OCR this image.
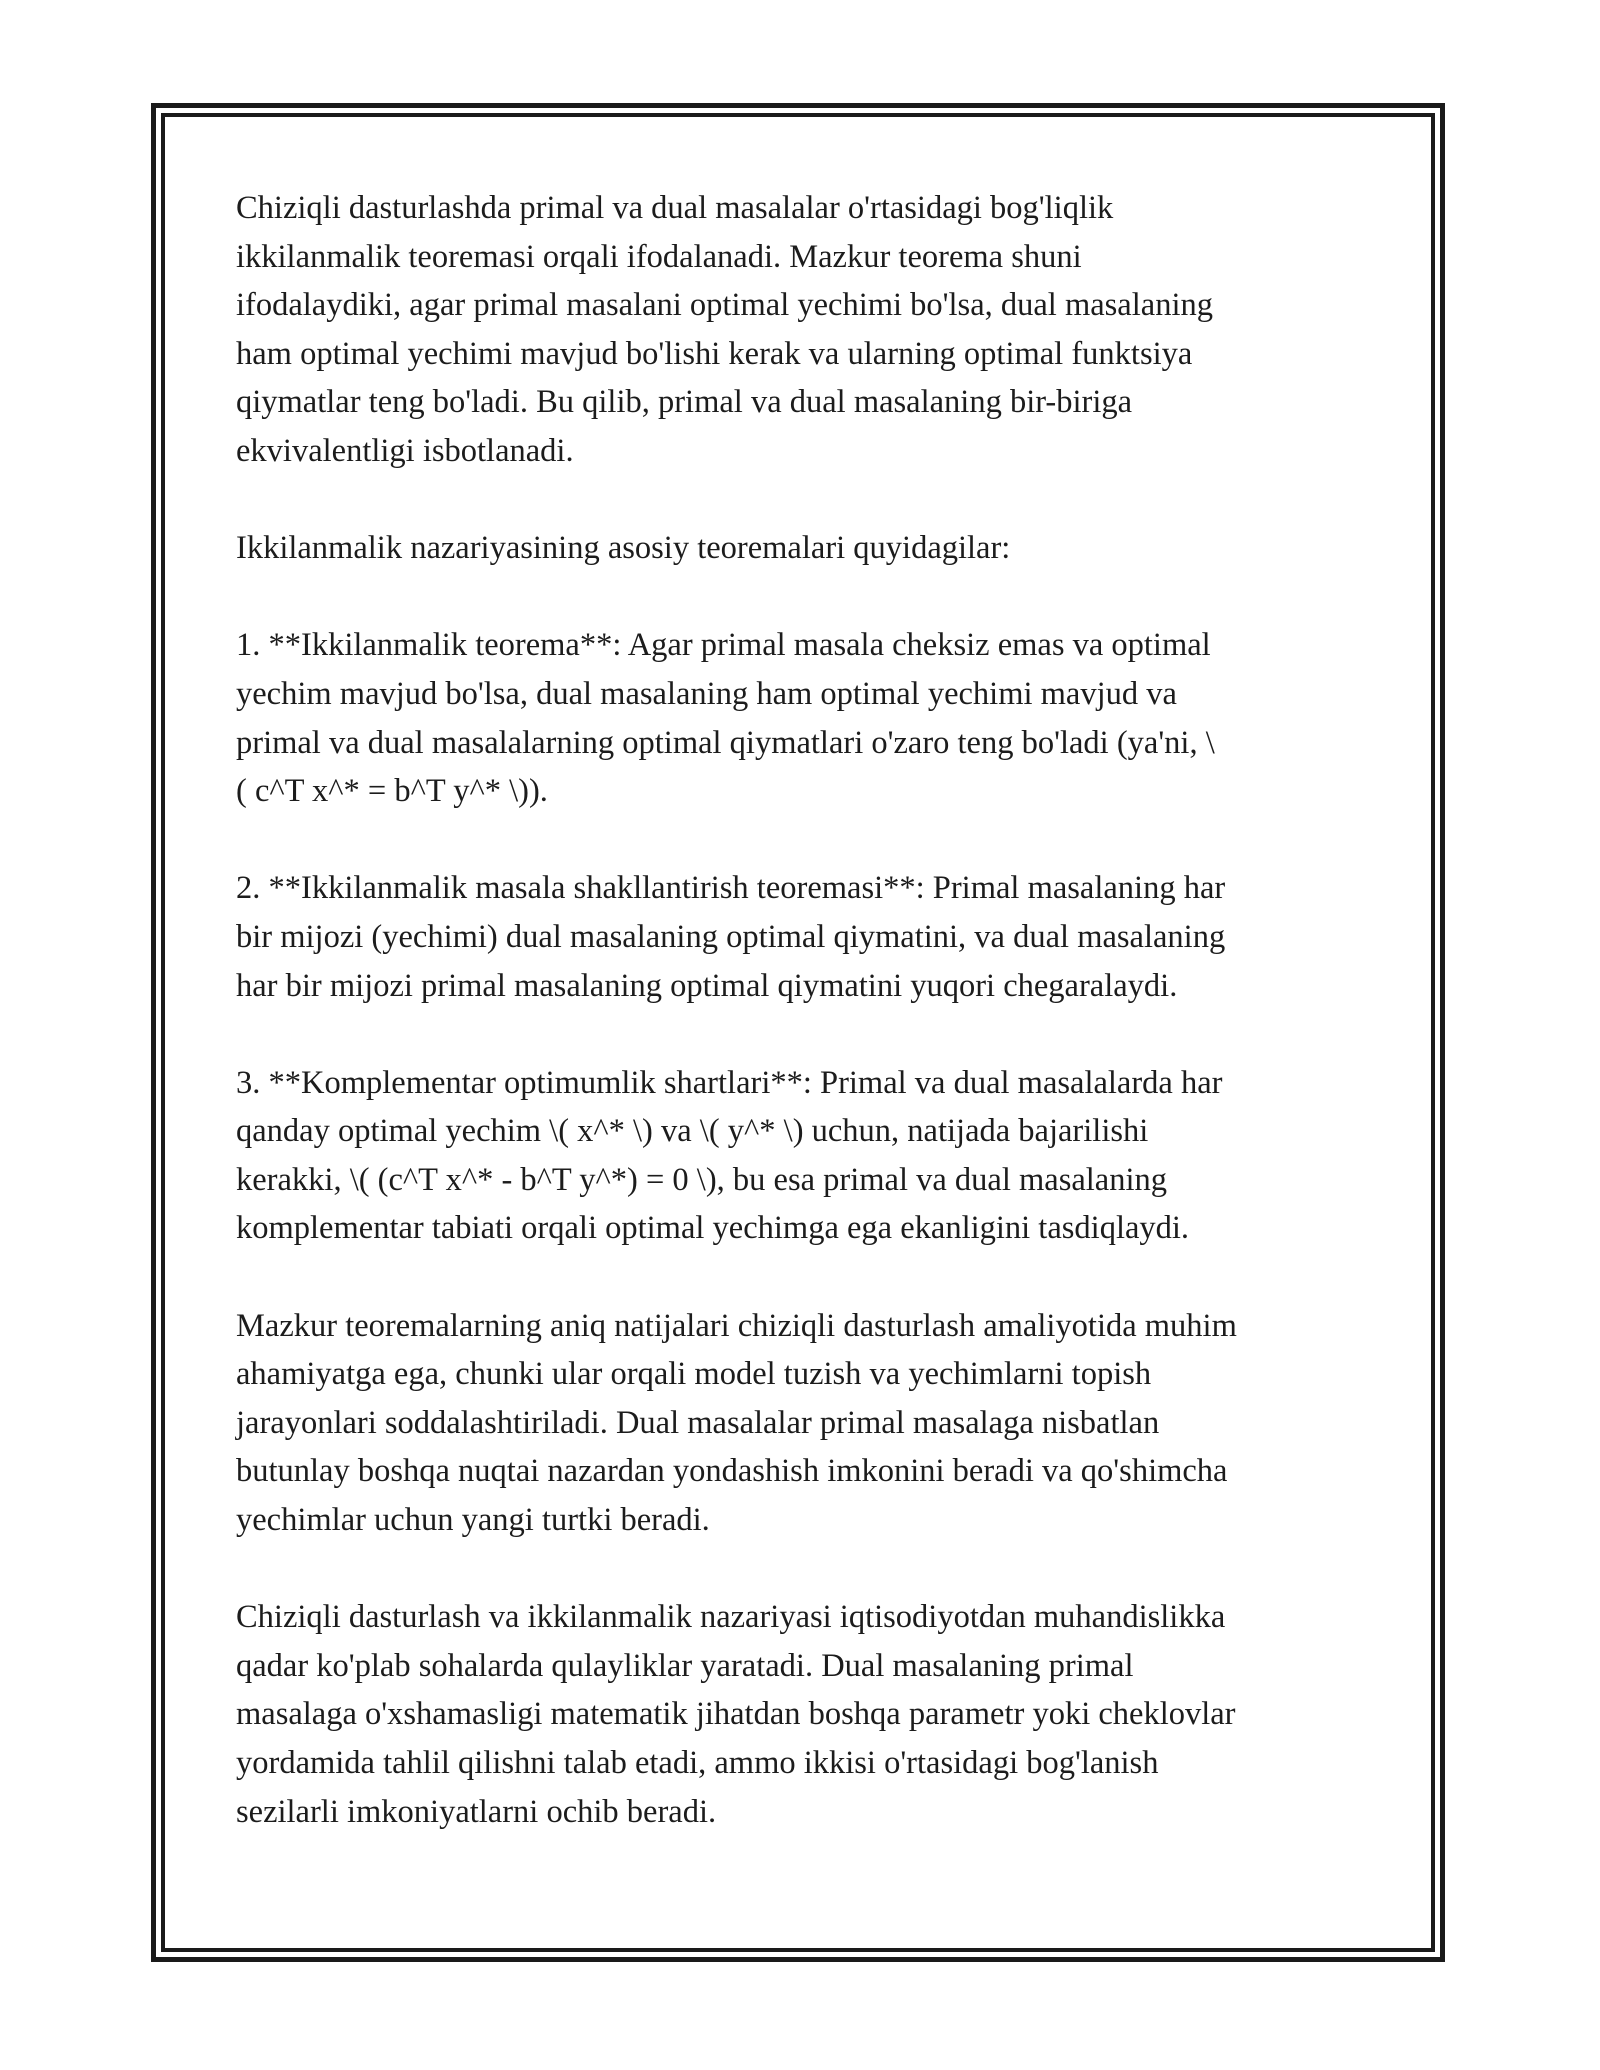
Chiziqli dasturlashda primal va dual masalalar o'rtasidagi bog'liqlik
ikkilanmalik teoremasi orqali ifodalanadi. Mazkur teorema shuni
ifodalaydiki, agar primal masalani optimal yechimi bo'lsa, dual masalaning
ham optimal yechimi mavjud bo'lishi kerak va ularning optimal funktsiya
qiymatlar teng bo'ladi. Bu qilib, primal va dual masalaning bir-biriga
ekvivalentligi isbotlanadi.

Ikkilanmalik nazariyasining asosiy teoremalari quyidagilar:

1. **Ikkilanmalik teorema**: Agar primal masala cheksiz emas va optimal
yechim mavjud bo'lsa, dual masalaning ham optimal yechimi mavjud va
primal va dual masalalarning optimal qiymatlari o'zaro teng bo'ladi (ya'ni, \
( c^T x^* = b^T y^* \)).

2. **Ikkilanmalik masala shakllantirish teoremasi**: Primal masalaning har
bir mijozi (yechimi) dual masalaning optimal qiymatini, va dual masalaning
har bir mijozi primal masalaning optimal qiymatini yuqori chegaralaydi.

3. **Komplementar optimumlik shartlari**: Primal va dual masalalarda har
qanday optimal yechim \( x^* \) va \( y^* \) uchun, natijada bajarilishi
kerakki, \( (c^T x^* - b^T y^*) = 0 \), bu esa primal va dual masalaning
komplementar tabiati orqali optimal yechimga ega ekanligini tasdiqlaydi.

Mazkur teoremalarning aniq natijalari chiziqli dasturlash amaliyotida muhim
ahamiyatga ega, chunki ular orqali model tuzish va yechimlarni topish
jarayonlari soddalashtiriladi. Dual masalalar primal masalaga nisbatlan
butunlay boshqa nuqtai nazardan yondashish imkonini beradi va qo'shimcha
yechimlar uchun yangi turtki beradi.

Chiziqli dasturlash va ikkilanmalik nazariyasi iqtisodiyotdan muhandislikka
qadar ko'plab sohalarda qulayliklar yaratadi. Dual masalaning primal
masalaga o'xshamasligi matematik jihatdan boshqa parametr yoki cheklovlar
yordamida tahlil qilishni talab etadi, ammo ikkisi o'rtasidagi bog'lanish
sezilarli imkoniyatlarni ochib beradi.
